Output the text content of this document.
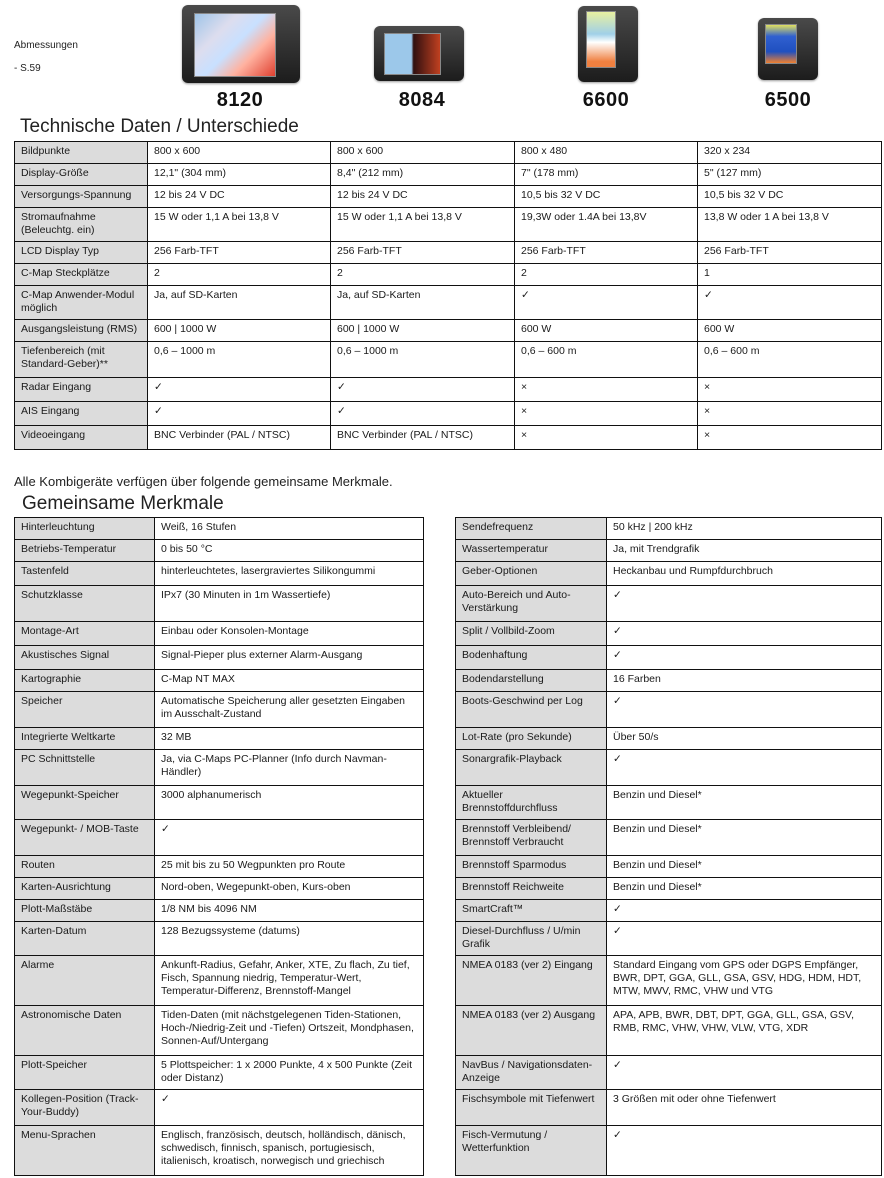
Abmessungen
- S.59
8120	8084	6600	6500
Technische Daten / Unterschiede
Bildpunkte	800 x 600	800 x 600	800 x 480	320 x 234
Display-Größe	12,1" (304 mm)	8,4" (212 mm)	7" (178 mm)	5" (127 mm)
Versorgungs-Spannung	12 bis 24 V DC	12 bis 24 V DC	10,5 bis 32 V DC	10,5 bis 32 V DC
Stromaufnahme (Beleuchtg. ein)	15 W oder 1,1 A bei 13,8 V	15 W oder 1,1 A bei 13,8 V	19,3W oder 1.4A bei 13,8V	13,8 W oder 1 A bei 13,8 V
LCD Display Typ	256 Farb-TFT	256 Farb-TFT	256 Farb-TFT	256 Farb-TFT
C-Map Steckplätze	2	2	2	1
C-Map Anwender-Modul möglich	Ja, auf SD-Karten	Ja, auf SD-Karten	✓	✓
Ausgangsleistung (RMS)	600 | 1000 W	600 | 1000 W	600 W	600 W
Tiefenbereich (mit Standard-Geber)**	0,6 – 1000 m	0,6 – 1000 m	0,6 – 600 m	0,6 – 600 m
Radar Eingang	✓	✓	×	×
AIS Eingang	✓	✓	×	×
Videoeingang	BNC Verbinder (PAL / NTSC)	BNC Verbinder (PAL / NTSC)	×	×
Alle Kombigeräte verfügen über folgende gemeinsame Merkmale.
Gemeinsame Merkmale
Hinterleuchtung	Weiß, 16 Stufen
Betriebs-Temperatur	0 bis 50 °C
Tastenfeld	hinterleuchtetes, lasergraviertes Silikongummi
Schutzklasse	IPx7 (30 Minuten in 1m Wassertiefe)
Montage-Art	Einbau oder Konsolen-Montage
Akustisches Signal	Signal-Pieper plus externer Alarm-Ausgang
Kartographie	C-Map NT MAX
Speicher	Automatische Speicherung aller gesetzten Eingaben im Ausschalt-Zustand
Integrierte Weltkarte	32 MB
PC Schnittstelle	Ja, via C-Maps PC-Planner (Info durch Navman-Händler)
Wegepunkt-Speicher	3000 alphanumerisch
Wegepunkt- / MOB-Taste	✓
Routen	25 mit bis zu 50 Wegpunkten pro Route
Karten-Ausrichtung	Nord-oben, Wegepunkt-oben, Kurs-oben
Plott-Maßstäbe	1/8 NM bis 4096 NM
Karten-Datum	128 Bezugssysteme (datums)
Alarme	Ankunft-Radius, Gefahr, Anker, XTE, Zu flach, Zu tief, Fisch, Spannung niedrig, Temperatur-Wert, Temperatur-Differenz, Brennstoff-Mangel
Astronomische Daten	Tiden-Daten (mit nächstgelegenen Tiden-Stationen, Hoch-/Niedrig-Zeit und -Tiefen) Ortszeit, Mondphasen, Sonnen-Auf/Untergang
Plott-Speicher	5 Plottspeicher: 1 x 2000 Punkte, 4 x 500 Punkte (Zeit oder Distanz)
Kollegen-Position (Track-Your-Buddy)	✓
Menu-Sprachen	Englisch, französisch, deutsch, holländisch, dänisch, schwedisch, finnisch, spanisch, portugiesisch, italienisch, kroatisch, norwegisch und griechisch
Sendefrequenz	50 kHz | 200 kHz
Wassertemperatur	Ja, mit Trendgrafik
Geber-Optionen	Heckanbau und Rumpfdurchbruch
Auto-Bereich und Auto-Verstärkung	✓
Split / Vollbild-Zoom	✓
Bodenhaftung	✓
Bodendarstellung	16 Farben
Boots-Geschwind per Log	✓
Lot-Rate (pro Sekunde)	Über 50/s
Sonargrafik-Playback	✓
Aktueller Brennstoffdurchfluss	Benzin und Diesel*
Brennstoff Verbleibend/ Brennstoff Verbraucht	Benzin und Diesel*
Brennstoff Sparmodus	Benzin und Diesel*
Brennstoff Reichweite	Benzin und Diesel*
SmartCraft™	✓
Diesel-Durchfluss / U/min Grafik	✓
NMEA 0183 (ver 2) Eingang	Standard Eingang vom GPS oder DGPS Empfänger, BWR, DPT, GGA, GLL, GSA, GSV, HDG, HDM, HDT, MTW, MWV, RMC, VHW und VTG
NMEA 0183 (ver 2) Ausgang	APA, APB, BWR, DBT, DPT, GGA, GLL, GSA, GSV, RMB, RMC, VHW, VHW, VLW, VTG, XDR
NavBus / Navigationsdaten-Anzeige	✓
Fischsymbole mit Tiefenwert	3 Größen mit oder ohne Tiefenwert
Fisch-Vermutung / Wetterfunktion	✓
